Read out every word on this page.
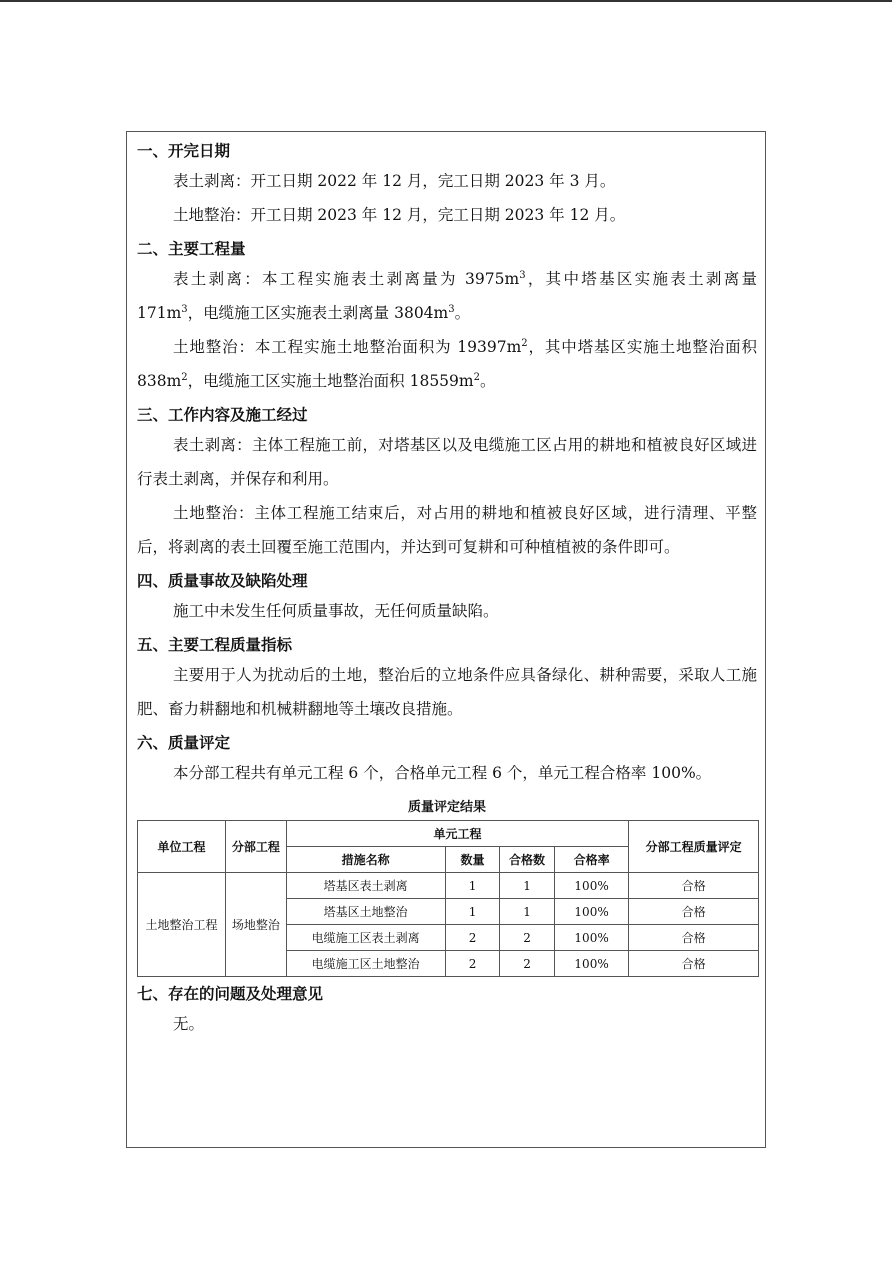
一、开完日期

表土剥离：开工日期 2022 年 12 月，完工日期 2023 年 3 月。

土地整治：开工日期 2023 年 12 月，完工日期 2023 年 12 月。

二、主要工程量

表土剥离：本工程实施表土剥离量为 $3975m^3$，其中塔基区实施表土剥离量 $171m^3$，电缆施工区实施表土剥离量 $3804m^3$。

土地整治：本工程实施土地整治面积为 $19397m^2$，其中塔基区实施土地整治面积 $838m^2$，电缆施工区实施土地整治面积 $18559m^2$。

三、工作内容及施工经过

表土剥离：主体工程施工前，对塔基区以及电缆施工区占用的耕地和植被良好区域进行表土剥离，并保存和利用。

土地整治：主体工程施工结束后，对占用的耕地和植被良好区域，进行清理、平整后，将剥离的表土回覆至施工范围内，并达到可复耕和可种植植被的条件即可。

四、质量事故及缺陷处理

施工中未发生任何质量事故，无任何质量缺陷。

五、主要工程质量指标

主要用于人为扰动后的土地，整治后的立地条件应具备绿化、耕种需要，采取人工施肥、畜力耕翻地和机械耕翻地等土壤改良措施。

六、质量评定

本分部工程共有单元工程 6 个，合格单元工程 6 个，单元工程合格率 100%。

质量评定结果
单位工程	分部工程	单元工程				分部工程质量评定
		措施名称	数量	合格数	合格率	
土地整治工程	场地整治	塔基区表土剥离	1	1	100%	合格
		塔基区土地整治	1	1	100%	合格
		电缆施工区表土剥离	2	2	100%	合格
		电缆施工区土地整治	2	2	100%	合格
七、存在的问题及处理意见

无。
